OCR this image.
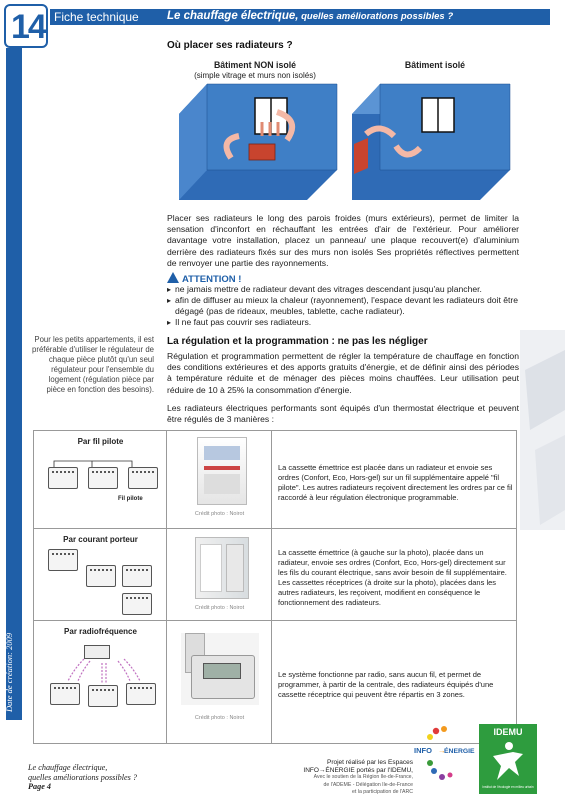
14 Fiche technique Le chauffage électrique, quelles améliorations possibles ?
Date de création: 2009
Où placer ses radiateurs ?
Bâtiment NON isolé
(simple vitrage et murs non isolés)
Bâtiment isolé
Placer ses radiateurs le long des parois froides (murs extérieurs), permet de limiter la sensation d'inconfort en réchauffant les entrées d'air de l'extérieur. Pour améliorer davantage votre installation, placez un panneau/ une plaque recouvert(e) d'aluminium derrière des radiateurs fixés sur des murs non isolés Ses propriétés réflectives permettent de renvoyer une partie des rayonnements.
ATTENTION !
▸ ne jamais mettre de radiateur devant des vitrages descendant jusqu'au plancher.
▸ afin de diffuser au mieux la chaleur (rayonnement), l'espace devant les radiateurs doit être dégagé (pas de rideaux, meubles, tablette, cache radiateur).
▸ Il ne faut pas couvrir ses radiateurs.
Pour les petits appartements, il est préférable d'utiliser le régulateur de chaque pièce plutôt qu'un seul régulateur pour l'ensemble du logement (régulation pièce par pièce en fonction des besoins).
La régulation et la programmation : ne pas les négliger
Régulation et programmation permettent de régler la température de chauffage en fonction des conditions extérieures et des apports gratuits d'énergie, et de définir ainsi des périodes à température réduite et de ménager des pièces moins chauffées. Leur utilisation peut réduire de 10 à 25% la consommation d'énergie.
Les radiateurs électriques performants sont équipés d'un thermostat électrique et peuvent être régulés de 3 manières :
Par fil pilote
Fil pilote
Crédit photo : Noirot
La cassette émettrice est placée dans un radiateur et envoie ses ordres (Confort, Eco, Hors-gel) sur un fil supplémentaire appelé "fil pilote". Les autres radiateurs reçoivent directement les ordres par ce fil raccordé à leur régulation électronique programmable.
Par courant porteur
Crédit photo : Noirot
La cassette émettrice (à gauche sur la photo), placée dans un radiateur, envoie ses ordres (Confort, Eco, Hors-gel) directement sur les fils du courant électrique, sans avoir besoin de fil supplémentaire. Les cassettes réceptrices (à droite sur la photo), placées dans les autres radiateurs, les reçoivent, modifient en conséquence le fonctionnement des radiateurs.
Par radiofréquence
Crédit photo : Noirot
Le système fonctionne par radio, sans aucun fil, et permet de programmer, à partir de la centrale, des radiateurs équipés d'une cassette réceptrice qui peuvent être répartis en 3 zones.
Le chauffage électrique,
quelles améliorations possibles ?
Page 4
Projet réalisé par les Espaces
INFO→ÉNERGIE portés par l'IDEMU,
Avec le soutien de la Région Ile-de-France,
de l'ADEME - Délégation Ile-de-France
et la participation de l'ARC
INFO →
ÉNERGIE
IDEMU
Institut de l'écologie en milieu urbain
